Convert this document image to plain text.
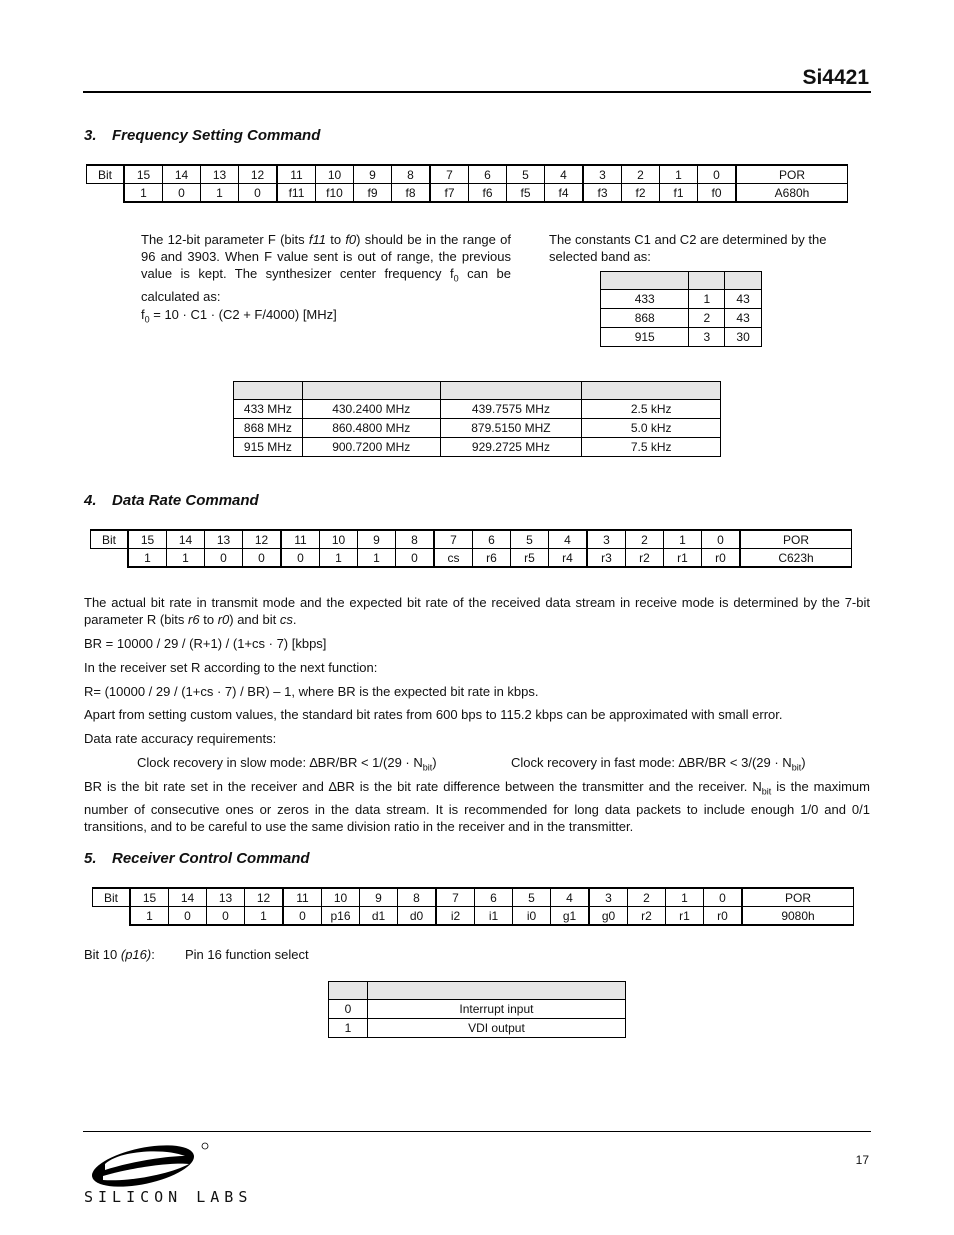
Si4421
3. Frequency Setting Command
Bit	15	14	13	12	11	10	9	8	7	6	5	4	3	2	1	0	POR
	1	0	1	0	f11	f10	f9	f8	f7	f6	f5	f4	f3	f2	f1	f0	A680h
The 12-bit parameter F (bits f11 to f0) should be in the range of 96 and 3903. When F value sent is out of range, the previous value is kept. The synthesizer center frequency $f_0$ can be calculated as:
$f_0 = 10 \cdot C1 \cdot (C2 + F/4000)$ [MHz]
The constants C1 and C2 are determined by the selected band as:

433	1	43
868	2	43
915	3	30

433 MHz	430.2400 MHz	439.7575 MHz	2.5 kHz
868 MHz	860.4800 MHz	879.5150 MHZ	5.0 kHz
915 MHz	900.7200 MHz	929.2725 MHz	7.5 kHz
4. Data Rate Command
Bit	15	14	13	12	11	10	9	8	7	6	5	4	3	2	1	0	POR
	1	1	0	0	0	1	1	0	cs	r6	r5	r4	r3	r2	r1	r0	C623h
The actual bit rate in transmit mode and the expected bit rate of the received data stream in receive mode is determined by the 7-bit parameter R (bits r6 to r0) and bit cs.
BR = 10000 / 29 / (R+1) / (1+cs · 7) [kbps]
In the receiver set R according to the next function:
R= (10000 / 29 / (1+cs · 7) / BR) – 1, where BR is the expected bit rate in kbps.
Apart from setting custom values, the standard bit rates from 600 bps to 115.2 kbps can be approximated with small error.
Data rate accuracy requirements:
Clock recovery in slow mode: $\Delta BR/BR < 1/(29 \cdot N_{bit})$	Clock recovery in fast mode: $\Delta BR/BR < 3/(29 \cdot N_{bit})$
BR is the bit rate set in the receiver and ∆BR is the bit rate difference between the transmitter and the receiver. $N_{bit}$ is the maximum number of consecutive ones or zeros in the data stream. It is recommended for long data packets to include enough 1/0 and 0/1 transitions, and to be careful to use the same division ratio in the receiver and in the transmitter.
5. Receiver Control Command
Bit	15	14	13	12	11	10	9	8	7	6	5	4	3	2	1	0	POR
	1	0	0	1	0	p16	d1	d0	i2	i1	i0	g1	g0	r2	r1	r0	9080h
Bit 10 (p16): Pin 16 function select

0	Interrupt input
1	VDI output
SILICON LABS
17
